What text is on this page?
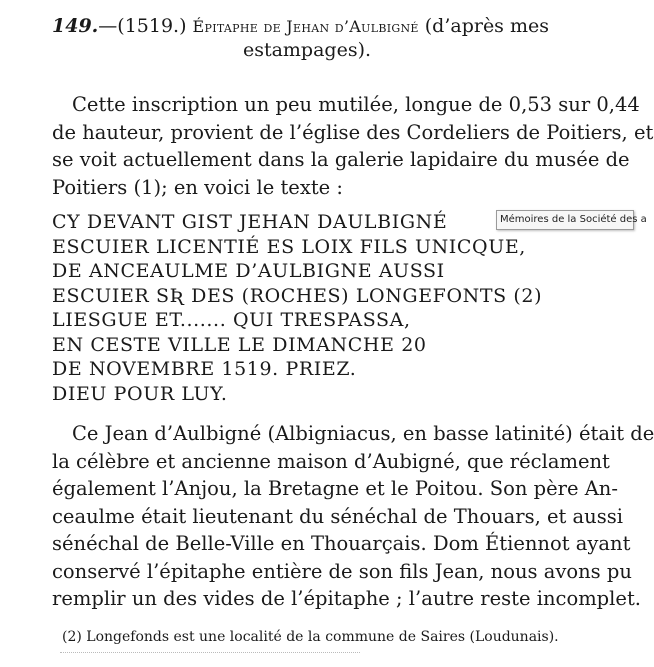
149.—(1519.) Épitaphe de Jehan d’Aulbigné (d’après mes
estampages).
Cette inscription un peu mutilée, longue de 0,53 sur 0,44
de hauteur, provient de l’église des Cordeliers de Poitiers, et
se voit actuellement dans la galerie lapidaire du musée de
Poitiers (1); en voici le texte :
CY DEVANT GIST JEHAN DAULBIGNÉ
ESCUIER LICENTIÉ ES LOIX FILS UNICQUE,
DE ANCEAULME D’AULBIGNE AUSSI
ESCUIER SƦ DES (ROCHES) LONGEFONTS (2)
LIESGUE ET....... QUI TRESPASSA,
EN CESTE VILLE LE DIMANCHE 20
DE NOVEMBRE 1519. PRIEZ.
DIEU POUR LUY.
Mémoires de la Société des a
Ce Jean d’Aulbigné (Albigniacus, en basse latinité) était de
la célèbre et ancienne maison d’Aubigné, que réclament
également l’Anjou, la Bretagne et le Poitou. Son père An-
ceaulme était lieutenant du sénéchal de Thouars, et aussi
sénéchal de Belle-Ville en Thouarçais. Dom Étiennot ayant
conservé l’épitaphe entière de son fils Jean, nous avons pu
remplir un des vides de l’épitaphe ; l’autre reste incomplet.
(2) Longefonds est une localité de la commune de Saires (Loudunais).
